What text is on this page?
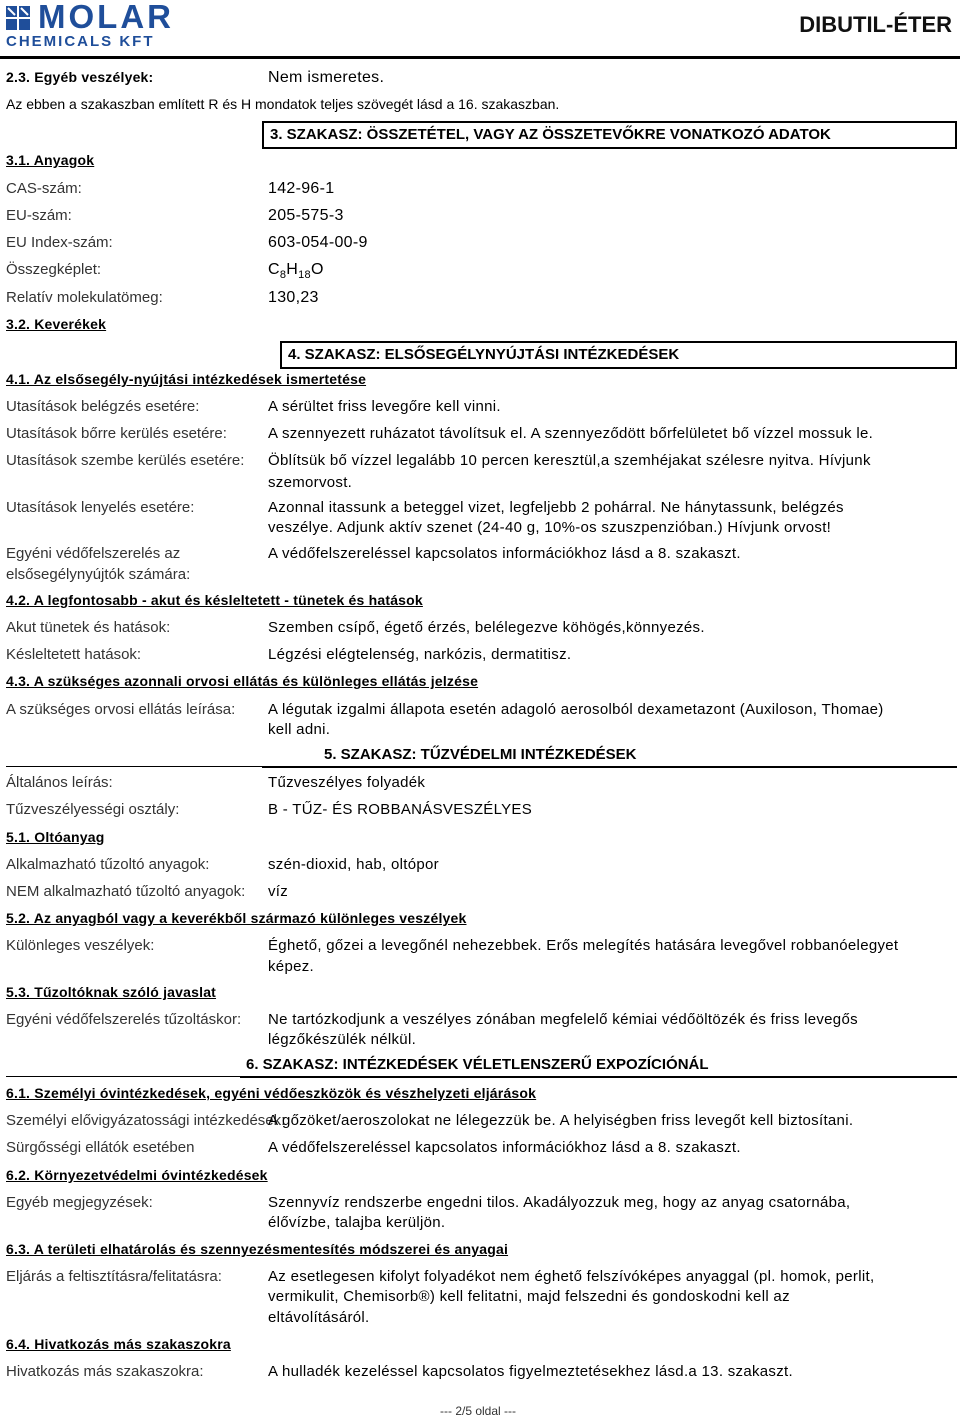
MOLAR
CHEMICALS KFT
DIBUTIL-ÉTER
2.3. Egyéb veszélyek:	Nem ismeretes.
Az ebben a szakaszban említett R és H mondatok teljes szövegét lásd a 16. szakaszban.
3. SZAKASZ: ÖSSZETÉTEL, VAGY AZ ÖSSZETEVŐKRE VONATKOZÓ ADATOK
3.1. Anyagok
CAS-szám:	142-96-1
EU-szám:	205-575-3
EU Index-szám:	603-054-00-9
Összegképlet:	$C_8H_{18}O$
Relatív molekulatömeg:	130,23
3.2. Keverékek
4. SZAKASZ: ELSŐSEGÉLYNYÚJTÁSI INTÉZKEDÉSEK
4.1. Az elsősegély-nyújtási intézkedések ismertetése
Utasítások belégzés esetére:	A sérültet friss levegőre kell vinni.
Utasítások bőrre kerülés esetére:	A szennyezett ruházatot távolítsuk el. A szennyeződött bőrfelületet bő vízzel mossuk le.
Utasítások szembe kerülés esetére: Öblítsük bő vízzel legalább 10 percen keresztül,a szemhéjakat szélesre nyitva. Hívjunk
szemorvost.
Utasítások lenyelés esetére:	Azonnal itassunk a beteggel vizet, legfeljebb 2 pohárral. Ne hánytassunk, belégzés
veszélye. Adjunk aktív szenet (24-40 g, 10%-os szuszpenzióban.) Hívjunk orvost!
Egyéni védőfelszerelés az
elsősegélynyújtók számára:
A védőfelszereléssel kapcsolatos információkhoz lásd a 8. szakaszt.
4.2. A legfontosabb - akut és késleltetett - tünetek és hatások
Akut tünetek és hatások:	Szemben csípő, égető érzés, belélegezve köhögés,könnyezés.
Késleltetett hatások:	Légzési elégtelenség, narkózis, dermatitisz.
4.3. A szükséges azonnali orvosi ellátás és különleges ellátás jelzése
A szükséges orvosi ellátás leírása: A légutak izgalmi állapota esetén adagoló aerosolból dexametazont (Auxiloson, Thomae)
kell adni.
5. SZAKASZ: TŰZVÉDELMI INTÉZKEDÉSEK
Általános leírás:	Tűzveszélyes folyadék
Tűzveszélyességi osztály:	B - TŰZ- ÉS ROBBANÁSVESZÉLYES
5.1. Oltóanyag
Alkalmazható tűzoltó anyagok:	szén-dioxid, hab, oltópor
NEM alkalmazható tűzoltó anyagok: víz
5.2. Az anyagból vagy a keverékből származó különleges veszélyek
Különleges veszélyek:	Éghető, gőzei a levegőnél nehezebbek. Erős melegítés hatására levegővel robbanóelegyet
képez.
5.3. Tűzoltóknak szóló javaslat
Egyéni védőfelszerelés tűzoltáskor: Ne tartózkodjunk a veszélyes zónában megfelelő kémiai védőöltözék és friss levegős
légzőkészülék nélkül.
6. SZAKASZ: INTÉZKEDÉSEK VÉLETLENSZERŰ EXPOZÍCIÓNÁL
6.1. Személyi óvintézkedések, egyéni védőeszközök és vészhelyzeti eljárások
Személyi elővigyázatossági intézkedések:
A gőzöket/aeroszolokat ne lélegezzük be. A helyiségben friss levegőt kell biztosítani.
Sürgősségi ellátók esetében	A védőfelszereléssel kapcsolatos információkhoz lásd a 8. szakaszt.
6.2. Környezetvédelmi óvintézkedések
Egyéb megjegyzések:	Szennyvíz rendszerbe engedni tilos. Akadályozzuk meg, hogy az anyag csatornába,
élővízbe, talajba kerüljön.
6.3. A területi elhatárolás és szennyezésmentesítés módszerei és anyagai
Eljárás a feltisztításra/felitatásra:	Az esetlegesen kifolyt folyadékot nem éghető felszívóképes anyaggal (pl. homok, perlit,
vermikulit, Chemisorb®) kell felitatni, majd felszedni és gondoskodni kell az
eltávolításáról.
6.4. Hivatkozás más szakaszokra
Hivatkozás más szakaszokra:	A hulladék kezeléssel kapcsolatos figyelmeztetésekhez lásd.a 13. szakaszt.
--- 2/5 oldal ---
